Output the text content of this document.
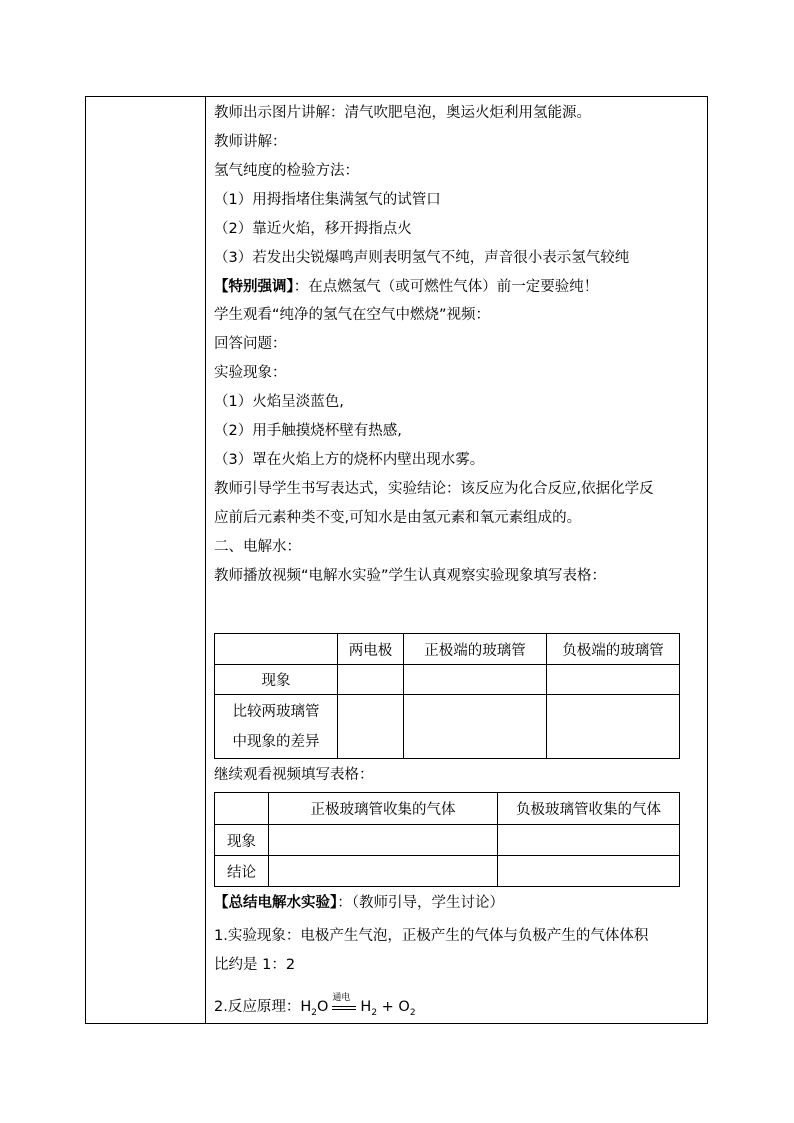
教师出示图片讲解：清气吹肥皂泡，奥运火炬利用氢能源。
教师讲解：
氢气纯度的检验方法：
（1）用拇指堵住集满氢气的试管口
（2）靠近火焰，移开拇指点火
（3）若发出尖锐爆鸣声则表明氢气不纯，声音很小表示氢气较纯
【特别强调】：在点燃氢气（或可燃性气体）前一定要验纯！
学生观看“纯净的氢气在空气中燃烧”视频：
回答问题：
实验现象：
（1）火焰呈淡蓝色,
（2）用手触摸烧杯壁有热感,
（3）罩在火焰上方的烧杯内壁出现水雾。
教师引导学生书写表达式，实验结论：该反应为化合反应,依据化学反
应前后元素种类不变,可知水是由氢元素和氧元素组成的。
二、电解水：
教师播放视频“电解水实验”学生认真观察实验现象填写表格：
	两电极	正极端的玻璃管	负极端的玻璃管
现象			
比较两玻璃管
中现象的差异			
继续观看视频填写表格：
	正极玻璃管收集的气体	负极玻璃管收集的气体
现象		
结论		
【总结电解水实验】：（教师引导，学生讨论）
1.实验现象：电极产生气泡，正极产生的气体与负极产生的气体体积
比约是 1：2
2.反应原理：$H_2O$
通电
$H_2 + O_2$
